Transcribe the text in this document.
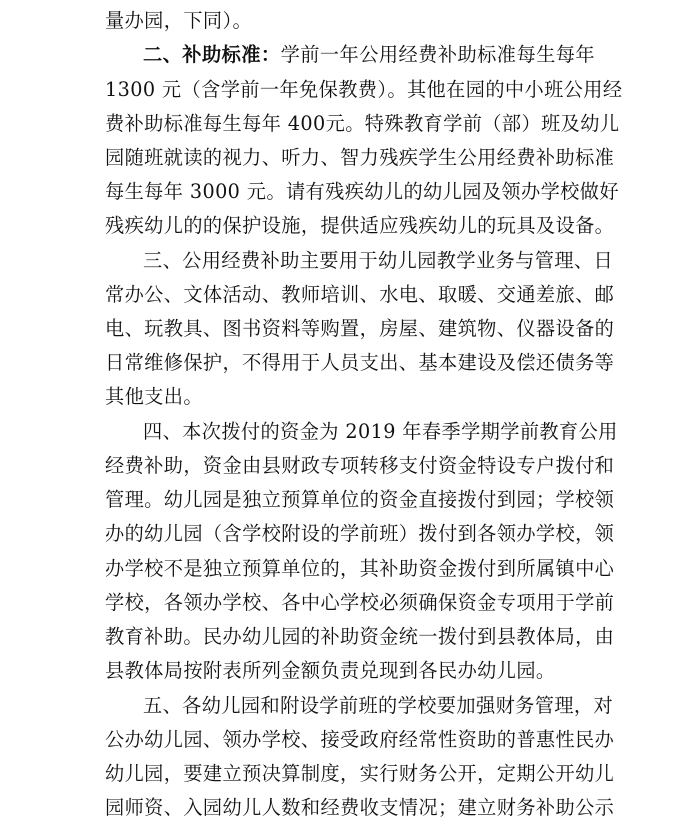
量办园，下同）。
二、补助标准：学前一年公用经费补助标准每生每年
1300 元（含学前一年免保教费）。其他在园的中小班公用经
费补助标准每生每年 400元。特殊教育学前（部）班及幼儿
园随班就读的视力、听力、智力残疾学生公用经费补助标准
每生每年 3000 元。请有残疾幼儿的幼儿园及领办学校做好
残疾幼儿的的保护设施，提供适应残疾幼儿的玩具及设备。
三、公用经费补助主要用于幼儿园教学业务与管理、日
常办公、文体活动、教师培训、水电、取暖、交通差旅、邮
电、玩教具、图书资料等购置，房屋、建筑物、仪器设备的
日常维修保护，不得用于人员支出、基本建设及偿还债务等
其他支出。
四、本次拨付的资金为 2019 年春季学期学前教育公用
经费补助，资金由县财政专项转移支付资金特设专户拨付和
管理。幼儿园是独立预算单位的资金直接拨付到园；学校领
办的幼儿园（含学校附设的学前班）拨付到各领办学校，领
办学校不是独立预算单位的，其补助资金拨付到所属镇中心
学校，各领办学校、各中心学校必须确保资金专项用于学前
教育补助。民办幼儿园的补助资金统一拨付到县教体局，由
县教体局按附表所列金额负责兑现到各民办幼儿园。
五、各幼儿园和附设学前班的学校要加强财务管理，对
公办幼儿园、领办学校、接受政府经常性资助的普惠性民办
幼儿园，要建立预决算制度，实行财务公开，定期公开幼儿
园师资、入园幼儿人数和经费收支情况；建立财务补助公示
